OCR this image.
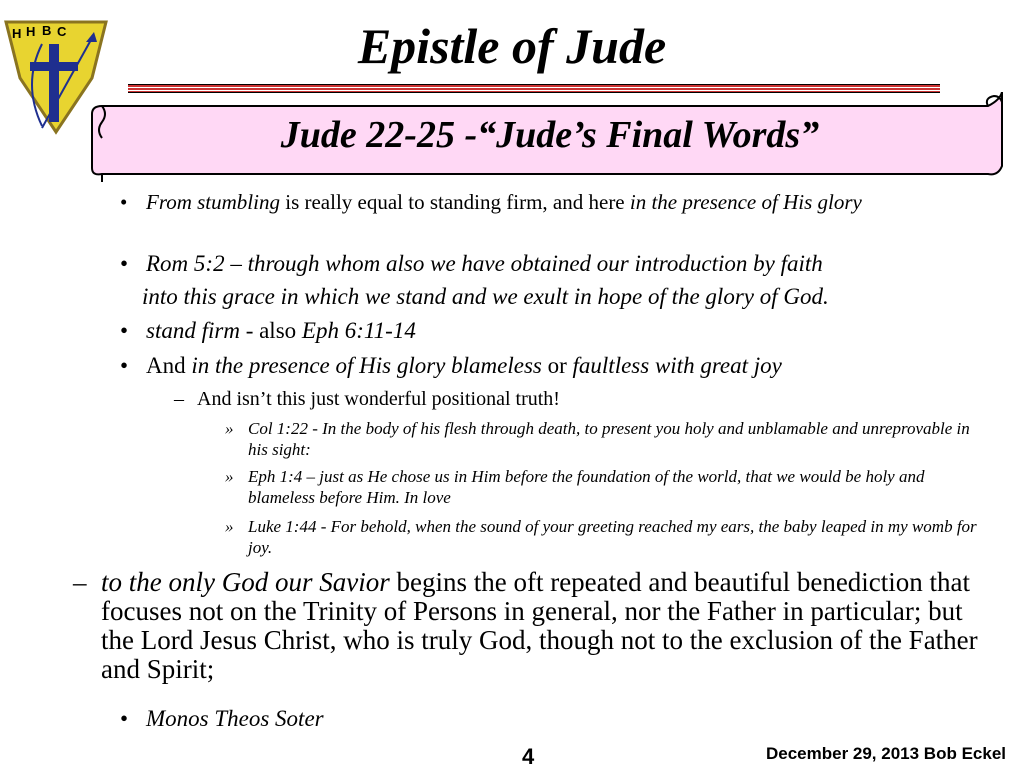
H H B C	Epistle of Jude
Jude 22-25 -“Jude’s Final Words”
• From stumbling is really equal to standing firm, and here in the presence of His glory
• Rom 5:2 – through whom also we have obtained our introduction by faith
into this grace in which we stand and we exult in hope of the glory of God.
• stand firm - also Eph 6:11-14
• And in the presence of His glory blameless or faultless with great joy
– And isn’t this just wonderful positional truth!
» Col 1:22 - In the body of his flesh through death, to present you holy and unblamable and unreprovable in his sight:
» Eph 1:4 – just as He chose us in Him before the foundation of the world, that we would be holy and blameless before Him. In love
» Luke 1:44 - For behold, when the sound of your greeting reached my ears, the baby leaped in my womb for joy.
– to the only God our Savior begins the oft repeated and beautiful benediction that focuses not on the Trinity of Persons in general, nor the Father in particular; but the Lord Jesus Christ, who is truly God, though not to the exclusion of the Father and Spirit;
• Monos Theos Soter
4	December 29, 2013 Bob Eckel
